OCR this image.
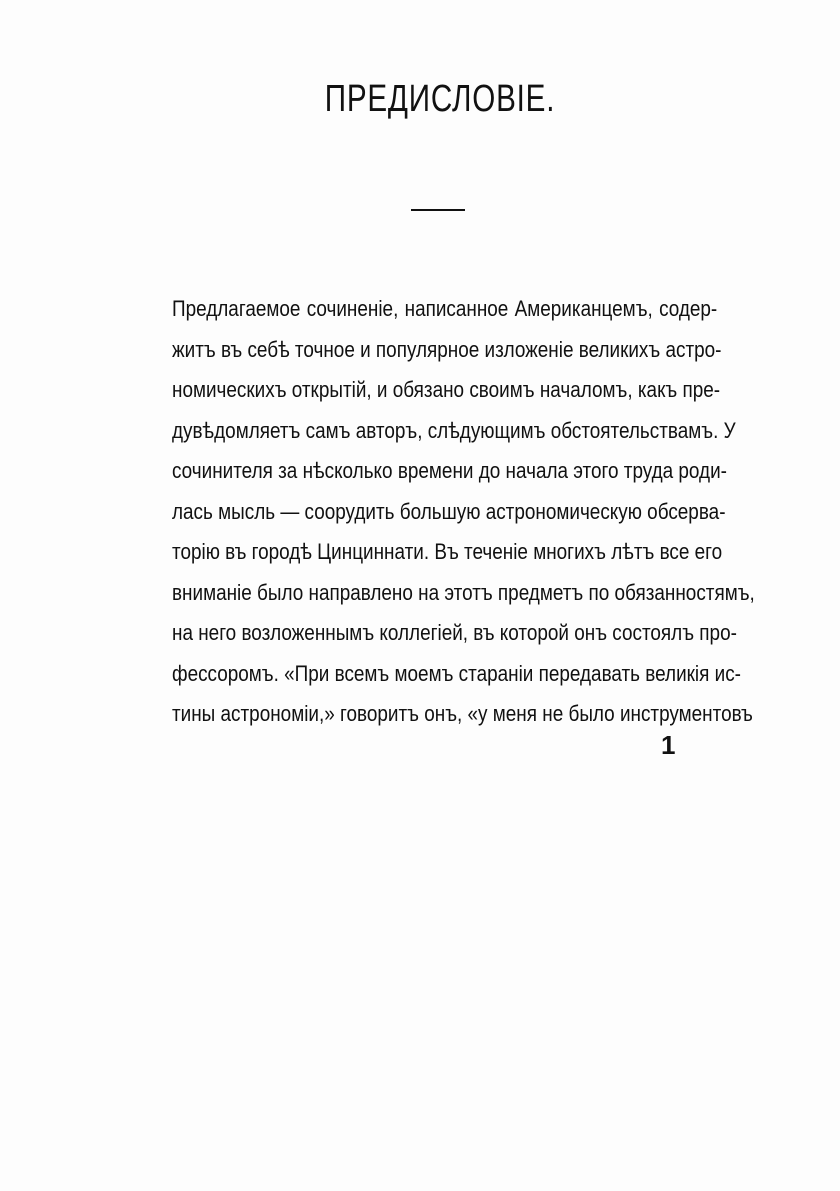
ПРЕДИСЛОВІЕ.
Предлагаемое сочиненіе, написанное Американцемъ, содер-
житъ въ себѣ точное и популярное изложеніе великихъ астро-
номическихъ открытій, и обязано своимъ началомъ, какъ пре-
дувѣдомляетъ самъ авторъ, слѣдующимъ обстоятельствамъ. У
сочинителя за нѣсколько времени до начала этого труда роди-
лась мысль — соорудить большую астрономическую обсерва-
торію въ городѣ Цинциннати. Въ теченіе многихъ лѣтъ все его
вниманіе было направлено на этотъ предметъ по обязанностямъ,
на него возложеннымъ коллегіей, въ которой онъ состоялъ про-
фессоромъ. «При всемъ моемъ стараніи передавать великія ис-
тины астрономіи,» говоритъ онъ, «у меня не было инструментовъ
1
